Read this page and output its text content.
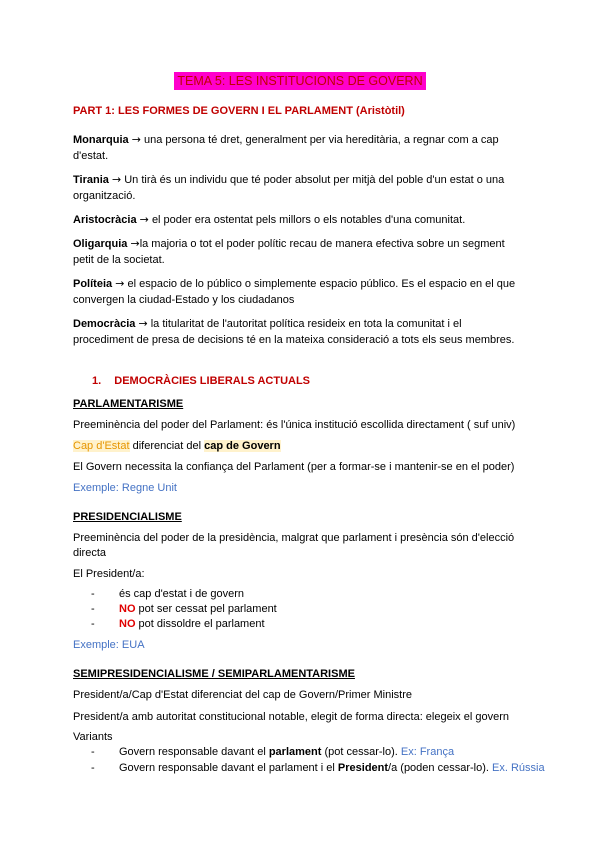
TEMA 5: LES INSTITUCIONS DE GOVERN
PART 1: LES FORMES DE GOVERN I EL PARLAMENT (Aristòtil)
Monarquia → una persona té dret, generalment per via hereditària, a regnar com a cap
d'estat.
Tirania → Un tirà és un individu que té poder absolut per mitjà del poble d'un estat o una
organització.
Aristocràcia → el poder era ostentat pels millors o els notables d'una comunitat.
Oligarquia →la majoria o tot el poder polític recau de manera efectiva sobre un segment
petit de la societat.
Políteia → el espacio de lo público o simplemente espacio público. Es el espacio en el que
convergen la ciudad-Estado y los ciudadanos
Democràcia → la titularitat de l'autoritat política resideix en tota la comunitat i el
procediment de presa de decisions té en la mateixa consideració a tots els seus membres.
1. DEMOCRÀCIES LIBERALS ACTUALS
PARLAMENTARISME
Preeminència del poder del Parlament: és l'única institució escollida directament ( suf univ)
Cap d'Estat diferenciat del cap de Govern
El Govern necessita la confiança del Parlament (per a formar-se i mantenir-se en el poder)
Exemple: Regne Unit
PRESIDENCIALISME
Preeminència del poder de la presidència, malgrat que parlament i presència són d'elecció
directa
El President/a:
- és cap d'estat i de govern
- NO pot ser cessat pel parlament
- NO pot dissoldre el parlament
Exemple: EUA
SEMIPRESIDENCIALISME / SEMIPARLAMENTARISME
President/a/Cap d'Estat diferenciat del cap de Govern/Primer Ministre
President/a amb autoritat constitucional notable, elegit de forma directa: elegeix el govern
Variants
- Govern responsable davant el parlament (pot cessar-lo). Ex: França
- Govern responsable davant el parlament i el President/a (poden cessar-lo). Ex. Rússia
